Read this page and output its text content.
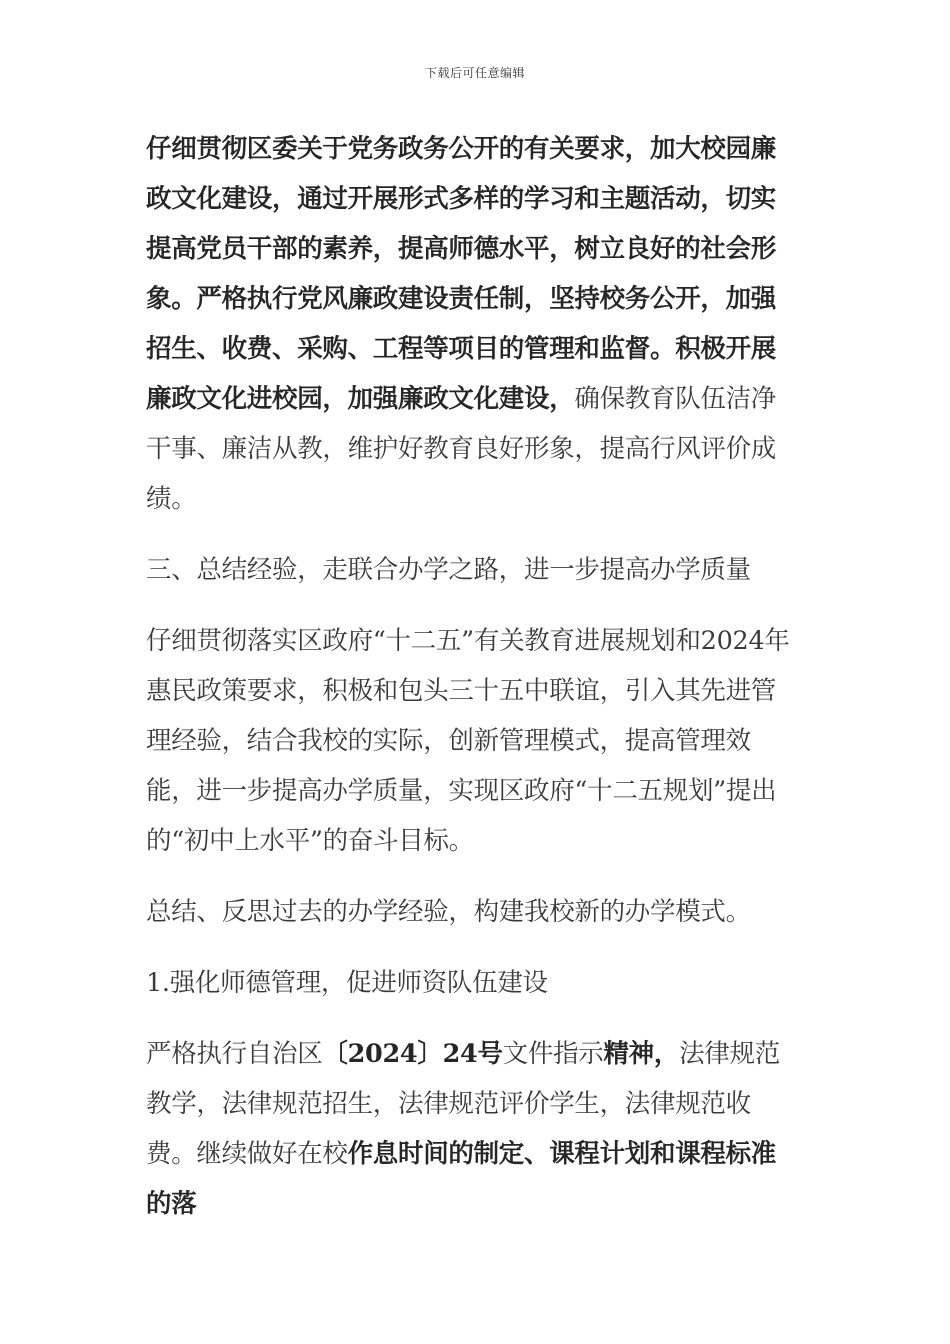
下载后可任意编辑

仔细贯彻区委关于党务政务公开的有关要求，加大校园廉政文化建设，通过开展形式多样的学习和主题活动，切实提高党员干部的素养，提高师德水平，树立良好的社会形象。严格执行党风廉政建设责任制，坚持校务公开，加强招生、收费、采购、工程等项目的管理和监督。积极开展廉政文化进校园，加强廉政文化建设，确保教育队伍洁净干事、廉洁从教，维护好教育良好形象，提高行风评价成绩。

三、总结经验，走联合办学之路，进一步提高办学质量

仔细贯彻落实区政府“十二五”有关教育进展规划和2024年惠民政策要求，积极和包头三十五中联谊，引入其先进管理经验，结合我校的实际，创新管理模式，提高管理效能，进一步提高办学质量，实现区政府“十二五规划”提出的“初中上水平”的奋斗目标。

总结、反思过去的办学经验，构建我校新的办学模式。

1.强化师德管理，促进师资队伍建设

严格执行自治区〔2024〕24号文件指示精神，法律规范教学，法律规范招生，法律规范评价学生，法律规范收费。继续做好在校作息时间的制定、课程计划和课程标准的落
